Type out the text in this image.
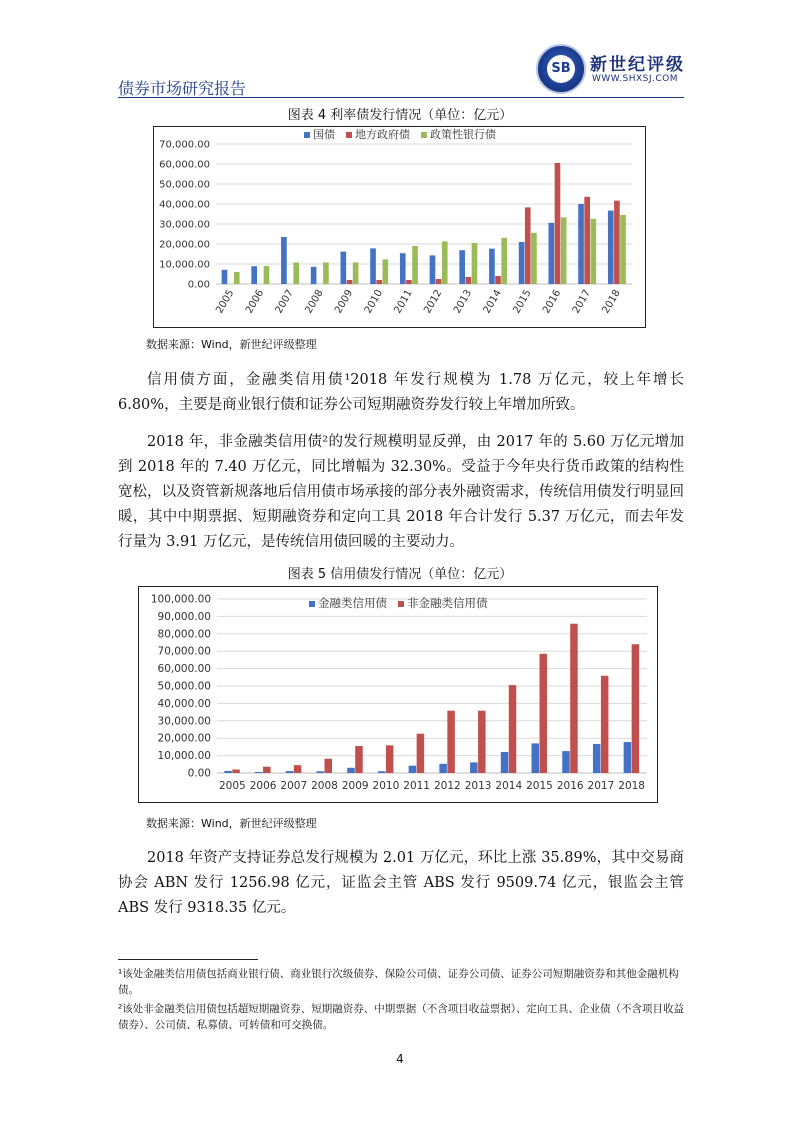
债券市场研究报告
SB 新世纪评级
WWW.SHXSJ.COM
图表 4 利率债发行情况（单位：亿元）
0.00
10,000.00
20,000.00
30,000.00
40,000.00
50,000.00
60,000.00
70,000.00
2005 2006 2007 2008 2009 2010 2011 2012 2013 2014 2015 2016 2017 2018
国债 地方政府债 政策性银行债
数据来源：Wind，新世纪评级整理
信用债方面，金融类信用债¹2018 年发行规模为 1.78 万亿元，较上年增长 6.80%，主要是商业银行债和证券公司短期融资券发行较上年增加所致。
2018 年，非金融类信用债²的发行规模明显反弹，由 2017 年的 5.60 万亿元增加到 2018 年的 7.40 万亿元，同比增幅为 32.30%。受益于今年央行货币政策的结构性宽松，以及资管新规落地后信用债市场承接的部分表外融资需求，传统信用债发行明显回暖，其中中期票据、短期融资券和定向工具 2018 年合计发行 5.37 万亿元，而去年发行量为 3.91 万亿元，是传统信用债回暖的主要动力。
图表 5 信用债发行情况（单位：亿元）
0.00
10,000.00
20,000.00
30,000.00
40,000.00
50,000.00
60,000.00
70,000.00
80,000.00
90,000.00
100,000.00
2005 2006 2007 2008 2009 2010 2011 2012 2013 2014 2015 2016 2017 2018
金融类信用债 非金融类信用债
数据来源：Wind，新世纪评级整理
2018 年资产支持证券总发行规模为 2.01 万亿元，环比上涨 35.89%，其中交易商协会 ABN 发行 1256.98 亿元，证监会主管 ABS 发行 9509.74 亿元，银监会主管 ABS 发行 9318.35 亿元。
¹该处金融类信用债包括商业银行债、商业银行次级债券、保险公司债、证券公司债、证券公司短期融资券和其他金融机构债。
²该处非金融类信用债包括超短期融资券、短期融资券、中期票据（不含项目收益票据）、定向工具、企业债（不含项目收益债券）、公司债、私募债、可转债和可交换债。
4
